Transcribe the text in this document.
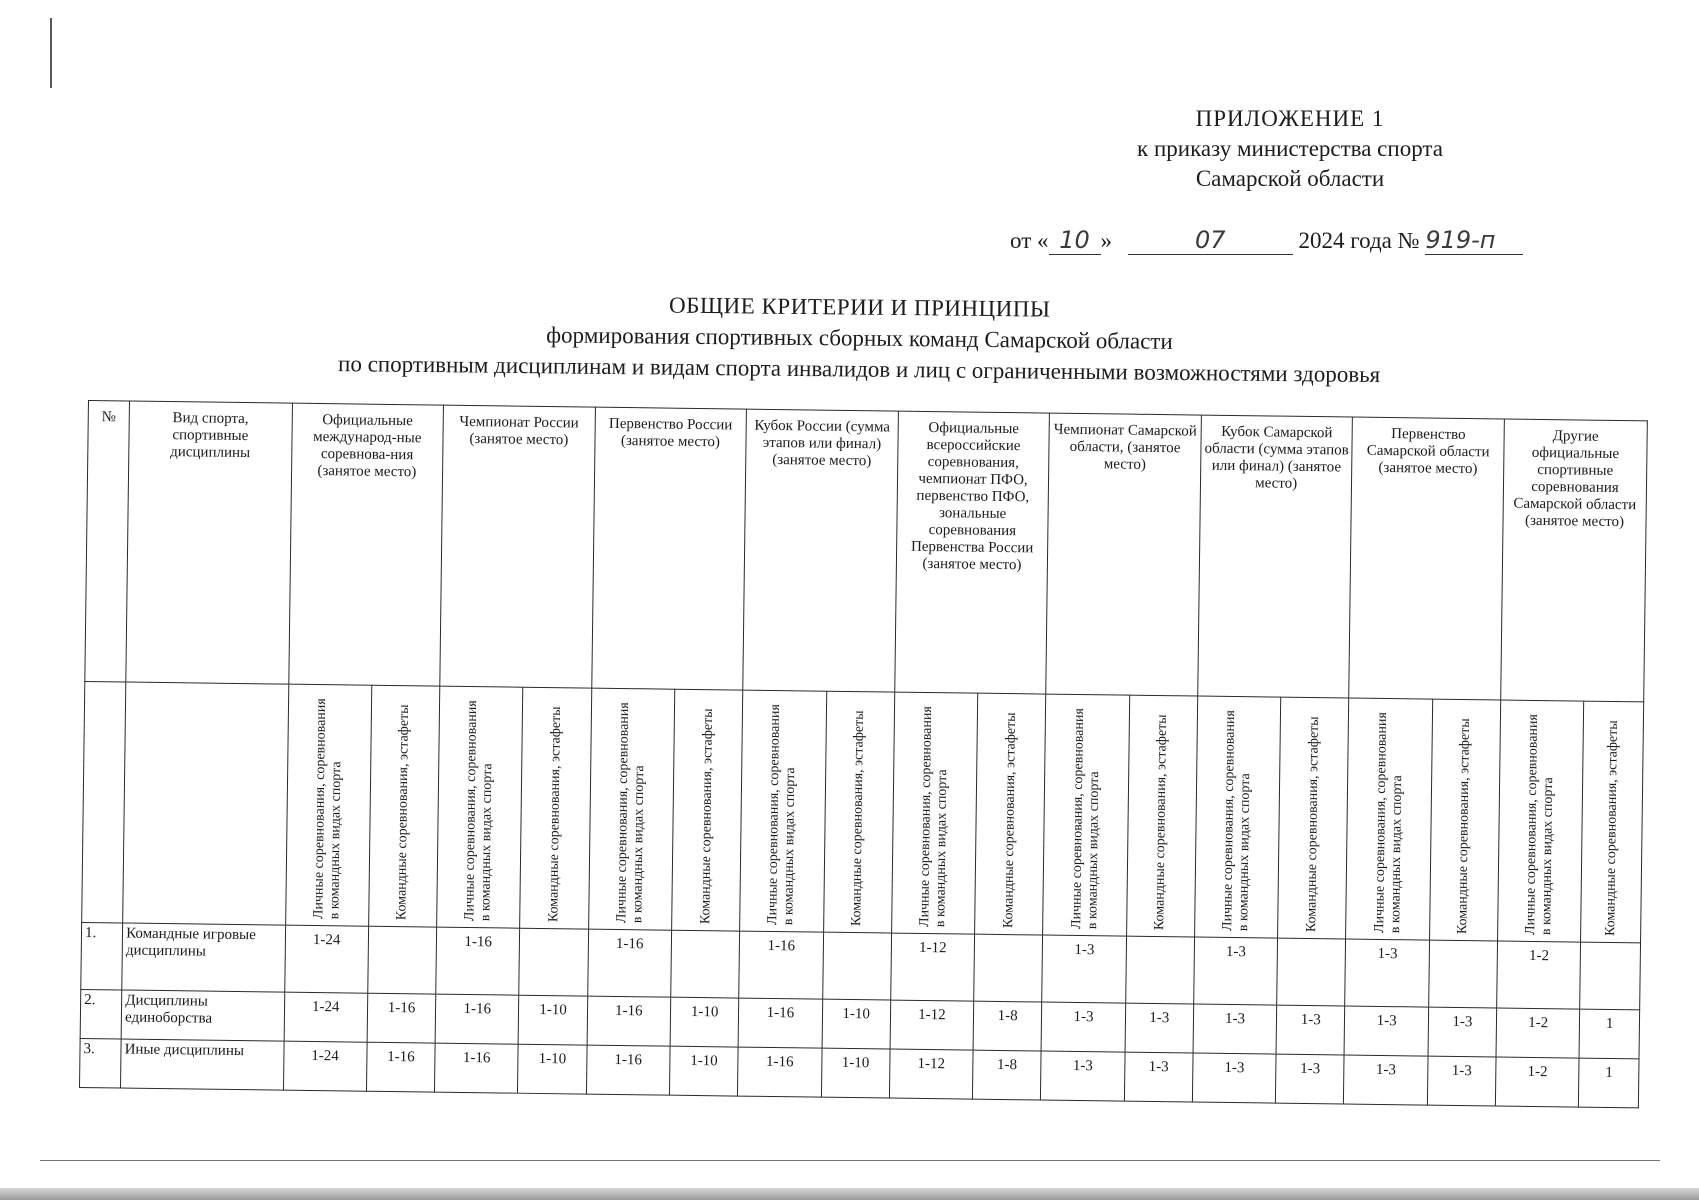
ПРИЛОЖЕНИЕ 1
к приказу министерства спорта
Самарской области
от « 10 »	07	2024 года № 919-п
ОБЩИЕ КРИТЕРИИ И ПРИНЦИПЫ
формирования спортивных сборных команд Самарской области
по спортивным дисциплинам и видам спорта инвалидов и лиц с ограниченными возможностями здоровья
№	Вид спорта, спортивные дисциплины	Официальные международ-ные соревнова-ния (занятое место)		Чемпионат России (занятое место)		Первенство России (занятое место)		Кубок России (сумма этапов или финал) (занятое место)		Официальные всероссийские соревнования, чемпионат ПФО, первенство ПФО, зональные соревнования Первенства России (занятое место)		Чемпионат Самарской области, (занятое место)		Кубок Самарской области (сумма этапов или финал) (занятое место)		Первенство Самарской области (занятое место)		Другие официальные спортивные соревнования Самарской области (занятое место)	

		Личные соревнования, соревнования в командных видах спорта	Командные соревнования, эстафеты	Личные соревнования, соревнования в командных видах спорта	Командные соревнования, эстафеты	Личные соревнования, соревнования в командных видах спорта	Командные соревнования, эстафеты	Личные соревнования, соревнования в командных видах спорта	Командные соревнования, эстафеты	Личные соревнования, соревнования в командных видах спорта	Командные соревнования, эстафеты	Личные соревнования, соревнования в командных видах спорта	Командные соревнования, эстафеты	Личные соревнования, соревнования в командных видах спорта	Командные соревнования, эстафеты	Личные соревнования, соревнования в командных видах спорта	Командные соревнования, эстафеты	Личные соревнования, соревнования в командных видах спорта	Командные соревнования, эстафеты

1.	Командные игровые дисциплины	1-24		1-16		1-16		1-16		1-12		1-3		1-3		1-3		1-2	
2.	Дисциплины единоборства	1-24	1-16	1-16	1-10	1-16	1-10	1-16	1-10	1-12	1-8	1-3	1-3	1-3	1-3	1-3	1-3	1-2	1
3.	Иные дисциплины	1-24	1-16	1-16	1-10	1-16	1-10	1-16	1-10	1-12	1-8	1-3	1-3	1-3	1-3	1-3	1-3	1-2	1
